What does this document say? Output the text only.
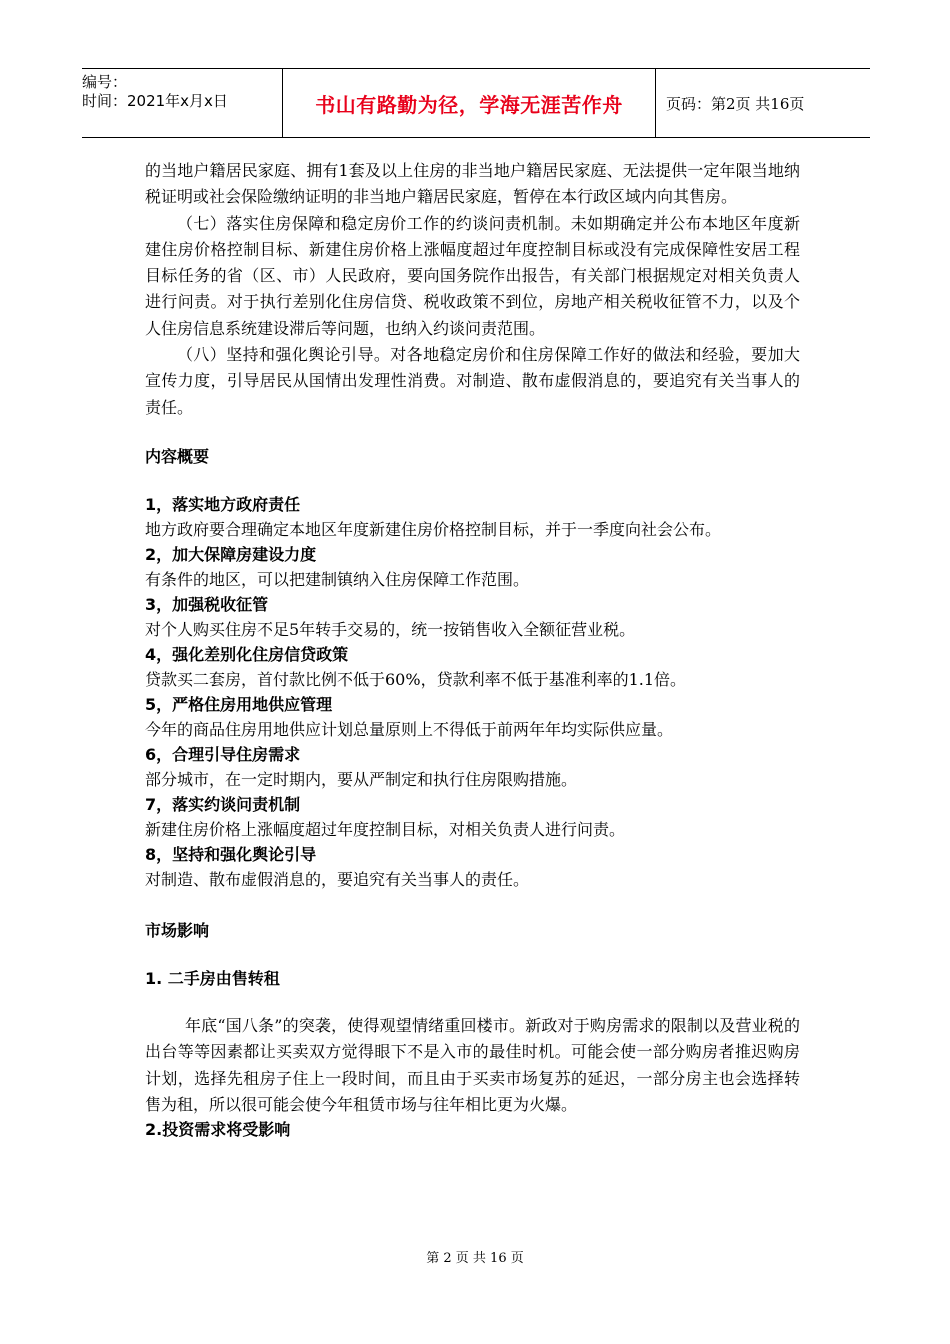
编号：
时间：2021年x月x日	书山有路勤为径，学海无涯苦作舟	页码：第2页 共16页

的当地户籍居民家庭、拥有1套及以上住房的非当地户籍居民家庭、无法提供一定年限当地纳税证明或社会保险缴纳证明的非当地户籍居民家庭，暂停在本行政区域内向其售房。

（七）落实住房保障和稳定房价工作的约谈问责机制。未如期确定并公布本地区年度新建住房价格控制目标、新建住房价格上涨幅度超过年度控制目标或没有完成保障性安居工程目标任务的省（区、市）人民政府，要向国务院作出报告，有关部门根据规定对相关负责人进行问责。对于执行差别化住房信贷、税收政策不到位，房地产相关税收征管不力，以及个人住房信息系统建设滞后等问题，也纳入约谈问责范围。

（八）坚持和强化舆论引导。对各地稳定房价和住房保障工作好的做法和经验，要加大宣传力度，引导居民从国情出发理性消费。对制造、散布虚假消息的，要追究有关当事人的责任。

内容概要

1，落实地方政府责任

地方政府要合理确定本地区年度新建住房价格控制目标，并于一季度向社会公布。

2，加大保障房建设力度

有条件的地区，可以把建制镇纳入住房保障工作范围。

3，加强税收征管

对个人购买住房不足5年转手交易的，统一按销售收入全额征营业税。

4，强化差别化住房信贷政策

贷款买二套房，首付款比例不低于60%，贷款利率不低于基准利率的1.1倍。

5，严格住房用地供应管理

今年的商品住房用地供应计划总量原则上不得低于前两年年均实际供应量。

6，合理引导住房需求

部分城市，在一定时期内，要从严制定和执行住房限购措施。

7，落实约谈问责机制

新建住房价格上涨幅度超过年度控制目标，对相关负责人进行问责。

8，坚持和强化舆论引导

对制造、散布虚假消息的，要追究有关当事人的责任。

市场影响

1. 二手房由售转租

年底“国八条”的突袭，使得观望情绪重回楼市。新政对于购房需求的限制以及营业税的出台等等因素都让买卖双方觉得眼下不是入市的最佳时机。可能会使一部分购房者推迟购房计划，选择先租房子住上一段时间，而且由于买卖市场复苏的延迟，一部分房主也会选择转售为租，所以很可能会使今年租赁市场与往年相比更为火爆。

2.投资需求将受影响

第 2 页 共 16 页
